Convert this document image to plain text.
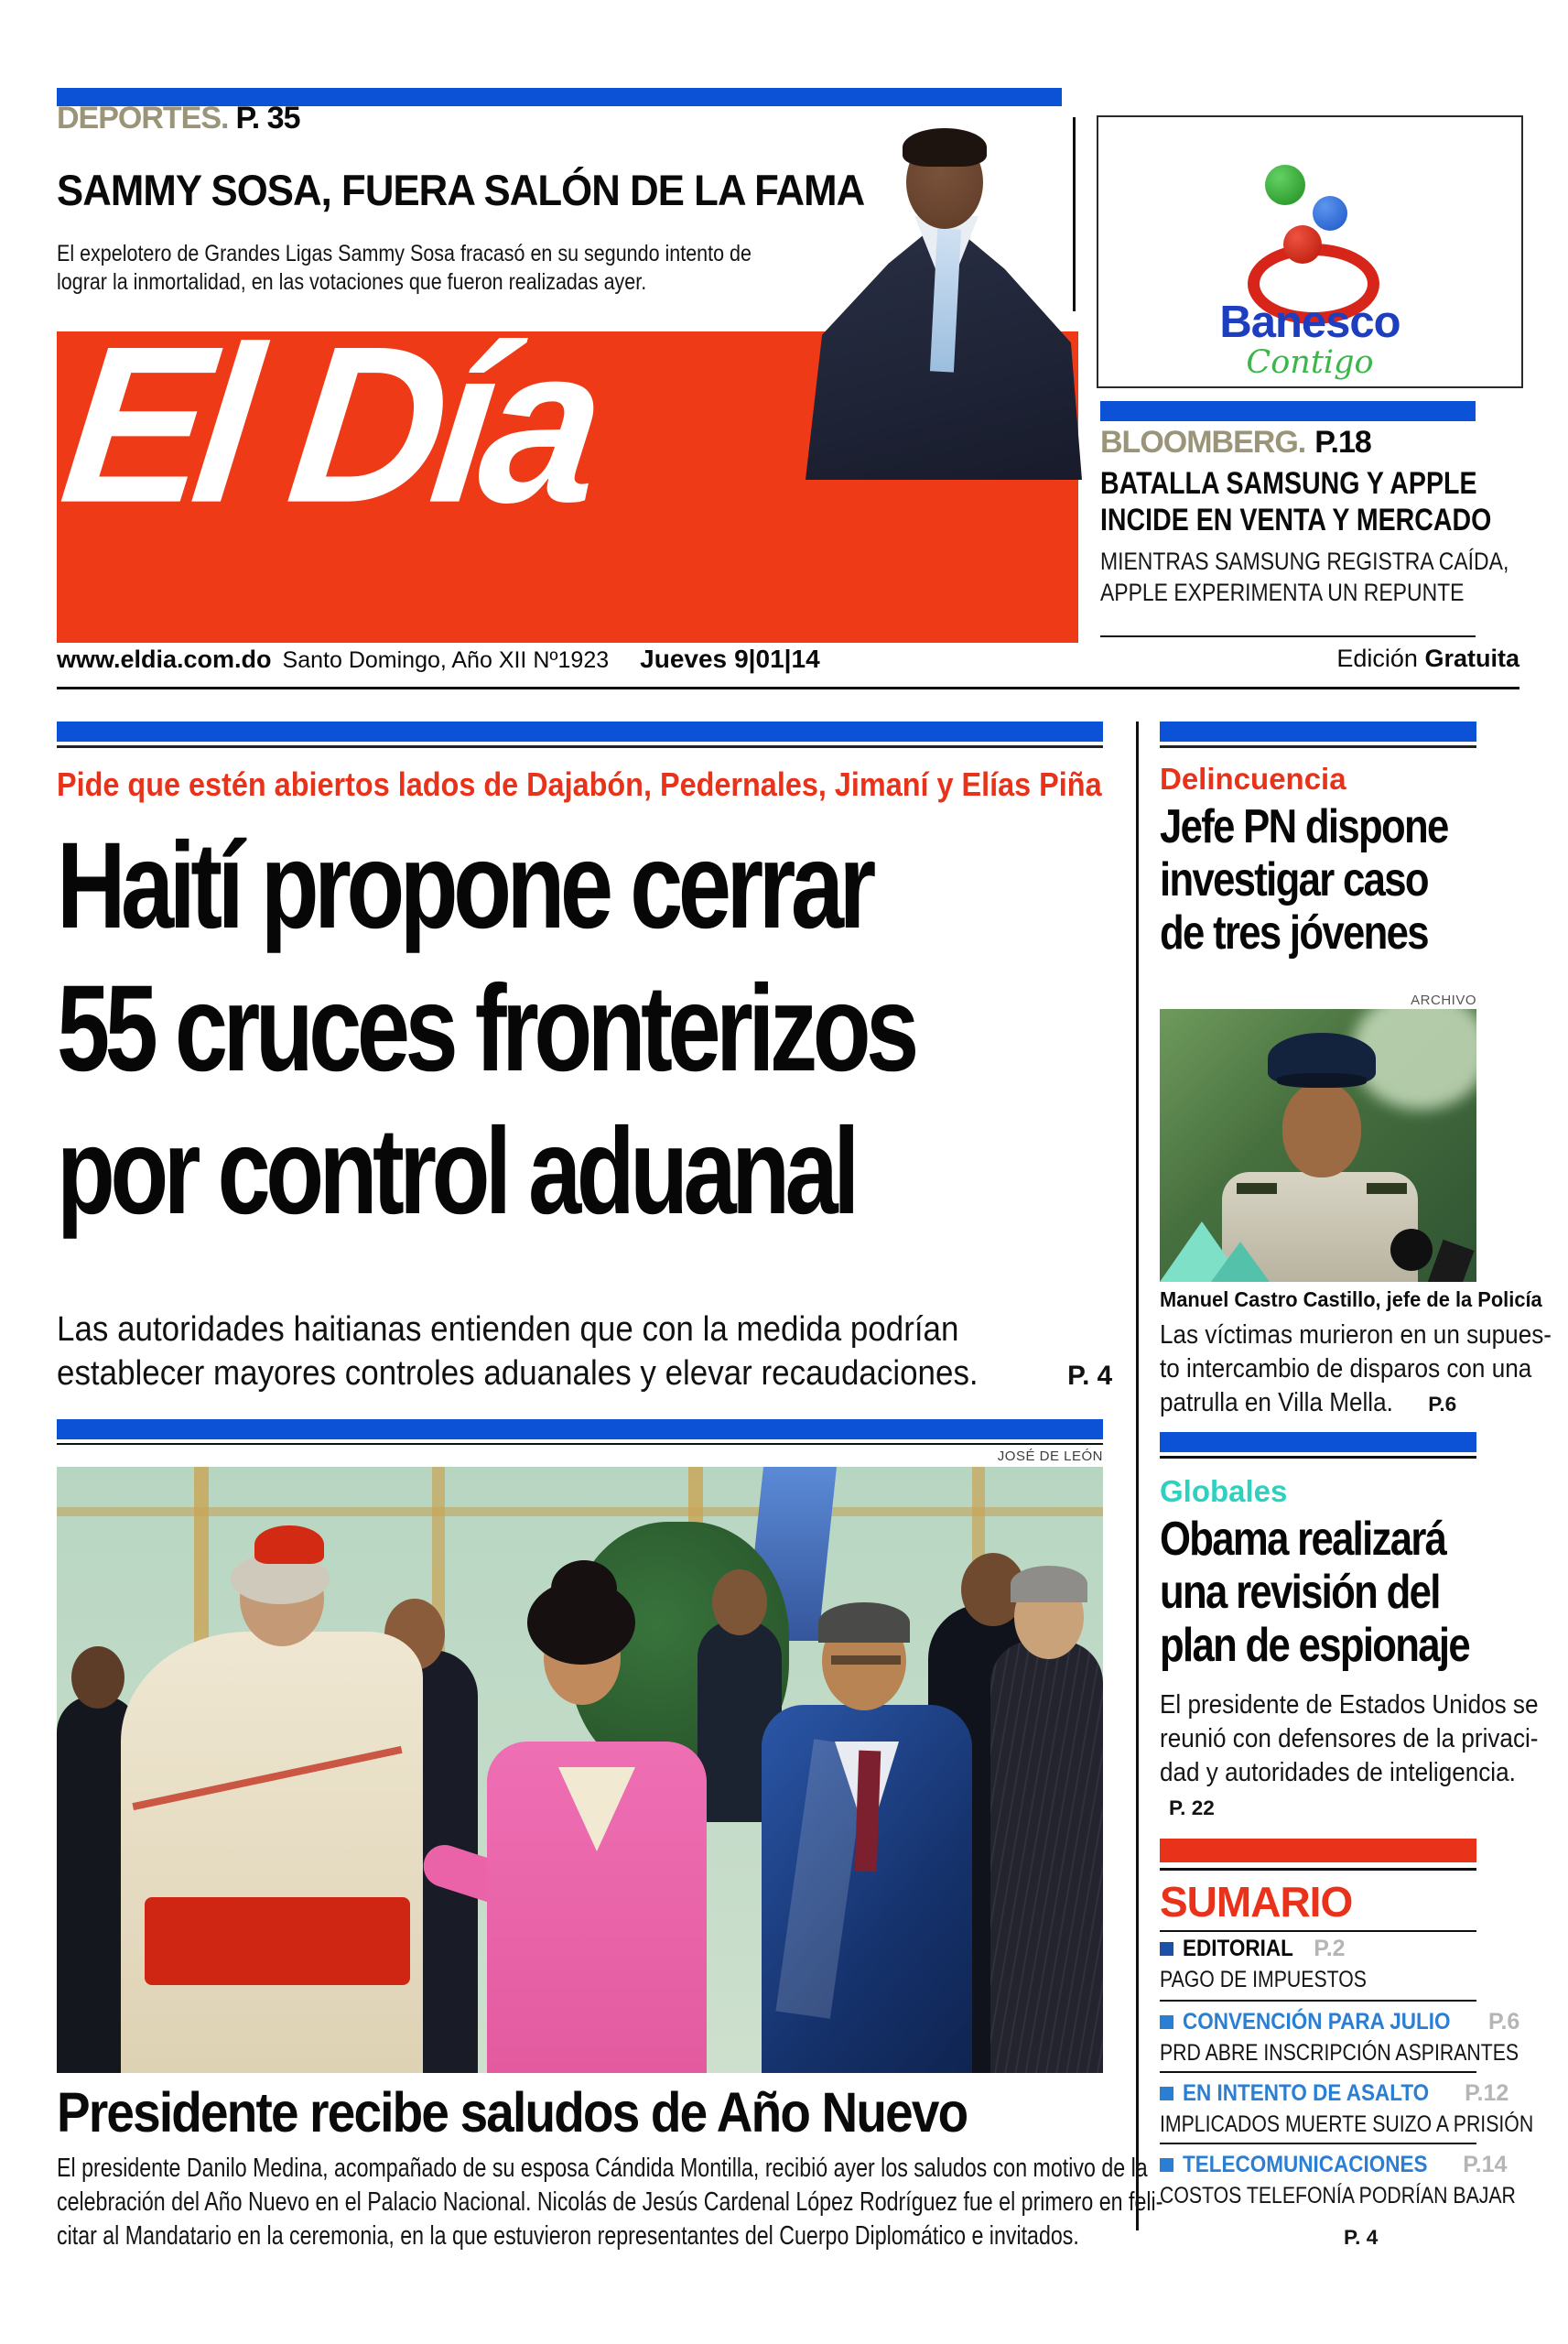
DEPORTES. P. 35
SAMMY SOSA, FUERA SALÓN DE LA FAMA
El expelotero de Grandes Ligas Sammy Sosa fracasó en su segundo intento de
lograr la inmortalidad, en las votaciones que fueron realizadas ayer.
Banesco
Contigo
El Día	BLOOMBERG. P.18
BATALLA SAMSUNG Y APPLE
INCIDE EN VENTA Y MERCADO
MIENTRAS SAMSUNG REGISTRA CAÍDA,
APPLE EXPERIMENTA UN REPUNTE
Edición Gratuita
www.eldia.com.do Santo Domingo, Año XII Nº1923 Jueves 9|01|14
Pide que estén abiertos lados de Dajabón, Pedernales, Jimaní y Elías Piña
Haití propone cerrar
55 cruces fronterizos
por control aduanal
Las autoridades haitianas entienden que con la medida podrían
establecer mayores controles aduanales y elevar recaudaciones.	P. 4
JOSÉ DE LEÓN
Presidente recibe saludos de Año Nuevo
El presidente Danilo Medina, acompañado de su esposa Cándida Montilla, recibió ayer los saludos con motivo de la
celebración del Año Nuevo en el Palacio Nacional. Nicolás de Jesús Cardenal López Rodríguez fue el primero en feli-
citar al Mandatario en la ceremonia, en la que estuvieron representantes del Cuerpo Diplomático e invitados.	P. 4
Delincuencia
Jefe PN dispone
investigar caso
de tres jóvenes
ARCHIVO
Manuel Castro Castillo, jefe de la Policía
Las víctimas murieron en un supues-
to intercambio de disparos con una
patrulla en Villa Mella. P.6
Globales
Obama realizará
una revisión del
plan de espionaje
El presidente de Estados Unidos se
reunió con defensores de la privaci-
dad y autoridades de inteligencia.P. 22
SUMARIO
EDITORIAL P.2
PAGO DE IMPUESTOS
CONVENCIÓN PARA JULIO P.6
PRD ABRE INSCRIPCIÓN ASPIRANTES
EN INTENTO DE ASALTO P.12
IMPLICADOS MUERTE SUIZO A PRISIÓN
TELECOMUNICACIONES P.14
COSTOS TELEFONÍA PODRÍAN BAJAR
